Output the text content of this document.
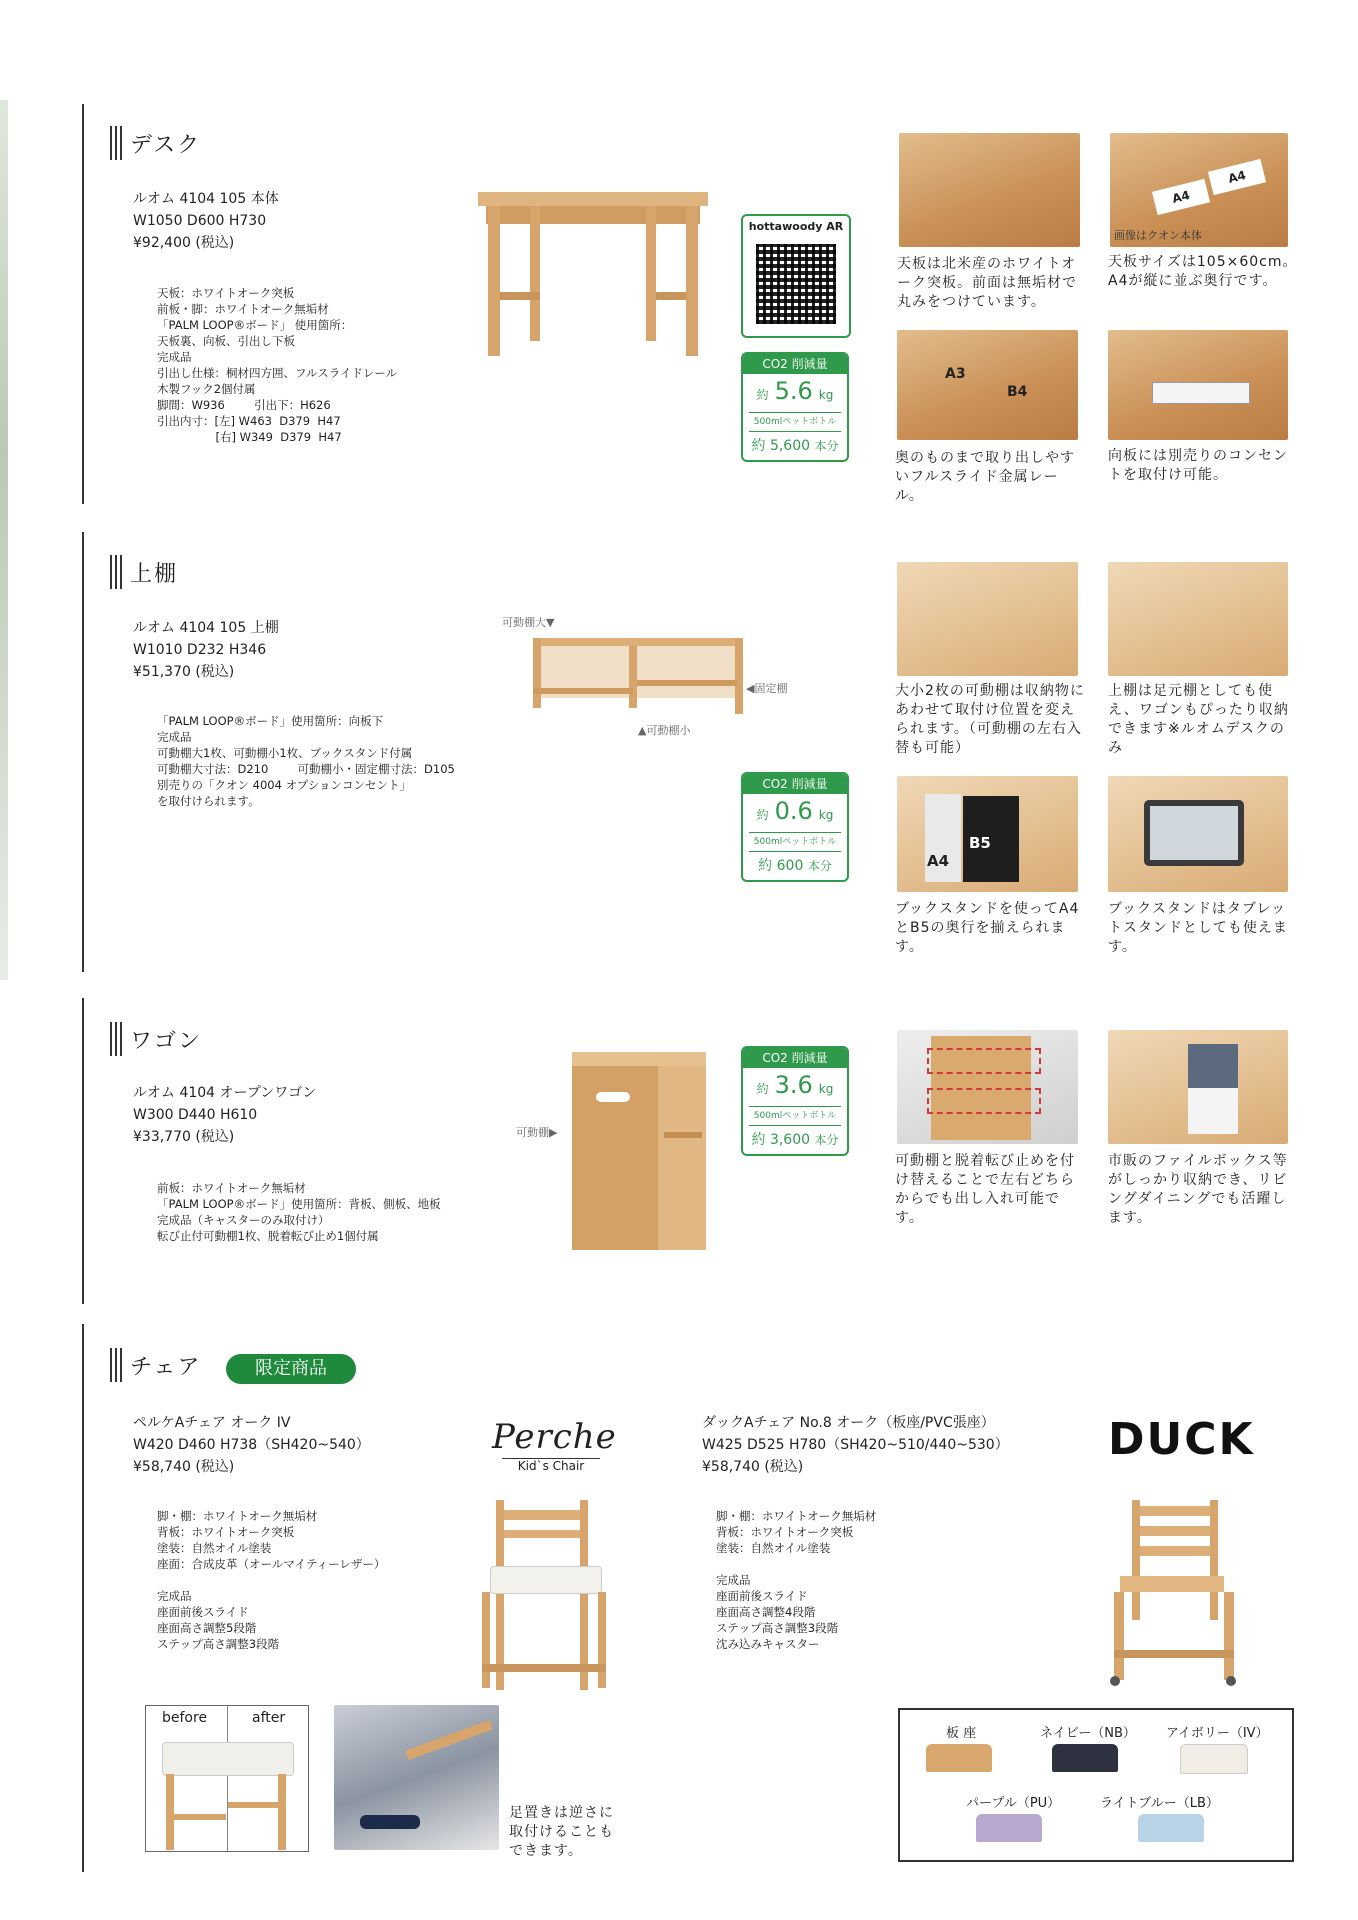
デスク
ルオム 4104 105 本体
W1050 D600 H730
¥92,400 (税込)
天板：ホワイトオーク突板
前板・脚：ホワイトオーク無垢材
「PALM LOOP®ボード」 使用箇所：
天板裏、向板、引出し下板
完成品
引出し仕様：桐材四方囲、フルスライドレール
木製フック2個付属
脚間：W936        引出下：H626
引出内寸：[左] W463  D379  H47
[右] W349  D379  H47
hottawoody AR
CO2 削減量
約 5.6 kg
500mlペットボトル
約 5,600 本分
天板は北米産のホワイトオーク突板。前面は無垢材で丸みをつけています。
A4
A4
画像はクオン本体
天板サイズは105×60cm。A4が縦に並ぶ奥行です。
A3
B4
奥のものまで取り出しやすいフルスライド金属レール。
向板には別売りのコンセントを取付け可能。
上棚
ルオム 4104 105 上棚
W1010 D232 H346
¥51,370 (税込)
「PALM LOOP®ボード」使用箇所：向板下
完成品
可動棚大1枚、可動棚小1枚、ブックスタンド付属
可動棚大寸法：D210        可動棚小・固定棚寸法：D105
別売りの「クオン 4004 オプションコンセント」
を取付けられます。
可動棚大▼
◀固定棚
▲可動棚小
CO2 削減量
約 0.6 kg
500mlペットボトル
約 600 本分
大小2枚の可動棚は収納物にあわせて取付け位置を変えられます。（可動棚の左右入替も可能）
上棚は足元棚としても使え、ワゴンもぴったり収納できます※ルオムデスクのみ
A4
B5
ブックスタンドを使ってA4とB5の奥行を揃えられます。
ブックスタンドはタブレットスタンドとしても使えます。
ワゴン
ルオム 4104 オープンワゴン
W300 D440 H610
¥33,770 (税込)
前板：ホワイトオーク無垢材
「PALM LOOP®ボード」使用箇所：背板、側板、地板
完成品（キャスターのみ取付け）
転び止付可動棚1枚、脱着転び止め1個付属
可動棚▶
CO2 削減量
約 3.6 kg
500mlペットボトル
約 3,600 本分
可動棚と脱着転び止めを付け替えることで左右どちらからでも出し入れ可能です。
市販のファイルボックス等がしっかり収納でき、リビングダイニングでも活躍します。
チェア	限定商品
ペルケAチェア オーク IV
W420 D460 H738（SH420~540）
¥58,740 (税込)
脚・棚：ホワイトオーク無垢材
背板：ホワイトオーク突板
塗装：自然オイル塗装
座面：合成皮革（オールマイティーレザー）

完成品
座面前後スライド
座面高さ調整5段階
ステップ高さ調整3段階
Perche
Kid`s Chair
before	after
足置きは逆さに取付けることもできます。
ダックAチェア No.8 オーク（板座/PVC張座）
W425 D525 H780（SH420~510/440~530）
¥58,740 (税込)
脚・棚：ホワイトオーク無垢材
背板：ホワイトオーク突板
塗装：自然オイル塗装

完成品
座面前後スライド
座面高さ調整4段階
ステップ高さ調整3段階
沈み込みキャスター
DUCK
板 座	ネイビー（NB） アイボリー（IV）
パープル（PU）	ライトブルー（LB）
